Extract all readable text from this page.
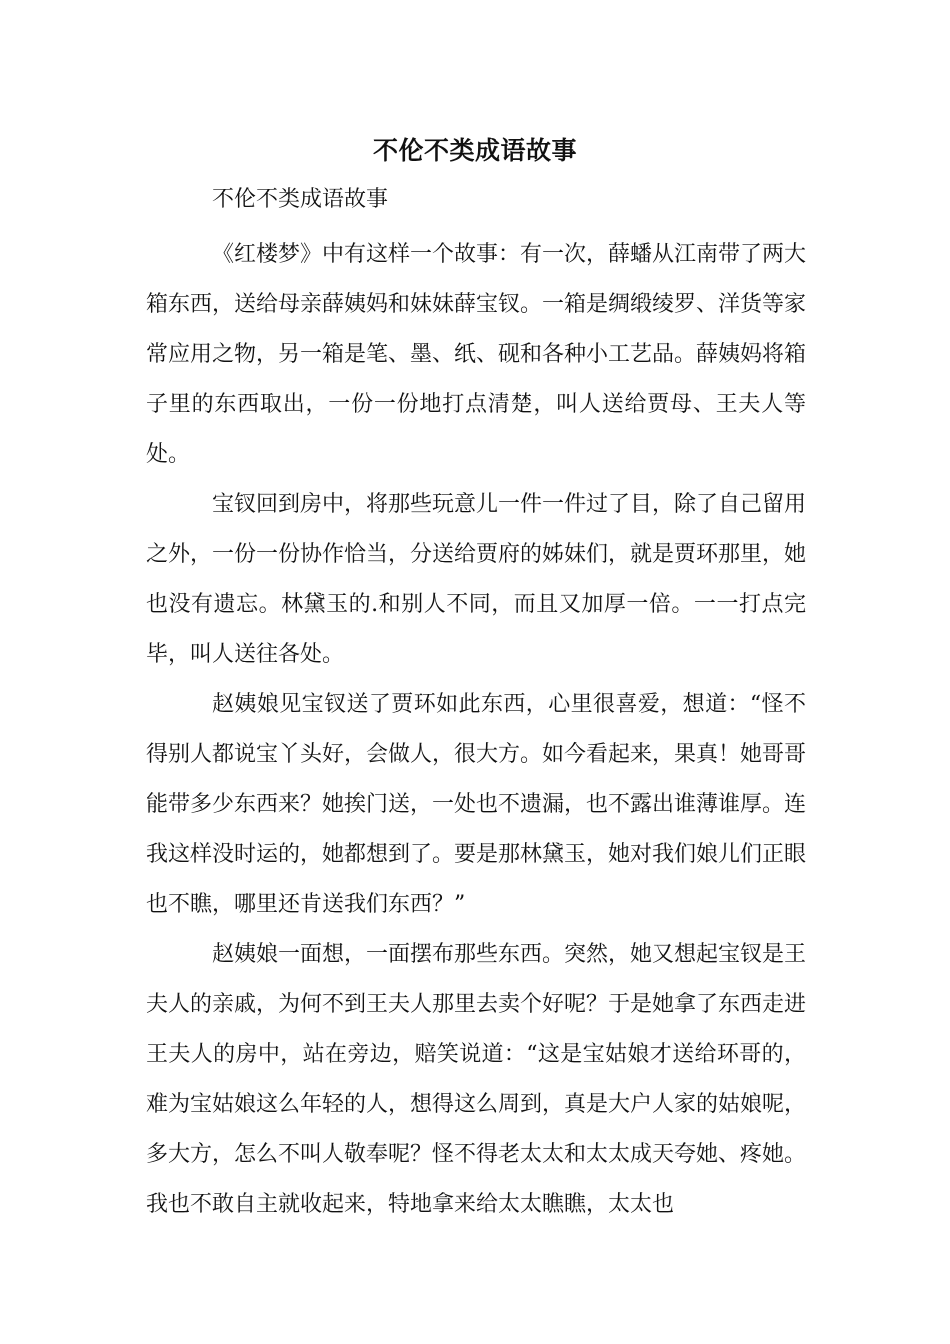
不伦不类成语故事

不伦不类成语故事

《红楼梦》中有这样一个故事：有一次，薛蟠从江南带了两大箱东西，送给母亲薛姨妈和妹妹薛宝钗。一箱是绸缎绫罗、洋货等家常应用之物，另一箱是笔、墨、纸、砚和各种小工艺品。薛姨妈将箱子里的东西取出，一份一份地打点清楚，叫人送给贾母、王夫人等处。

宝钗回到房中，将那些玩意儿一件一件过了目，除了自己留用之外，一份一份协作恰当，分送给贾府的姊妹们，就是贾环那里，她也没有遗忘。林黛玉的.和别人不同，而且又加厚一倍。一一打点完毕，叫人送往各处。

赵姨娘见宝钗送了贾环如此东西，心里很喜爱，想道：“怪不得别人都说宝丫头好，会做人，很大方。如今看起来，果真！她哥哥能带多少东西来？她挨门送，一处也不遗漏，也不露出谁薄谁厚。连我这样没时运的，她都想到了。要是那林黛玉，她对我们娘儿们正眼也不瞧，哪里还肯送我们东西？”

赵姨娘一面想，一面摆布那些东西。突然，她又想起宝钗是王夫人的亲戚，为何不到王夫人那里去卖个好呢？于是她拿了东西走进王夫人的房中，站在旁边，赔笑说道：“这是宝姑娘才送给环哥的，难为宝姑娘这么年轻的人，想得这么周到，真是大户人家的姑娘呢，多大方，怎么不叫人敬奉呢？怪不得老太太和太太成天夸她、疼她。我也不敢自主就收起来，特地拿来给太太瞧瞧，太太也
